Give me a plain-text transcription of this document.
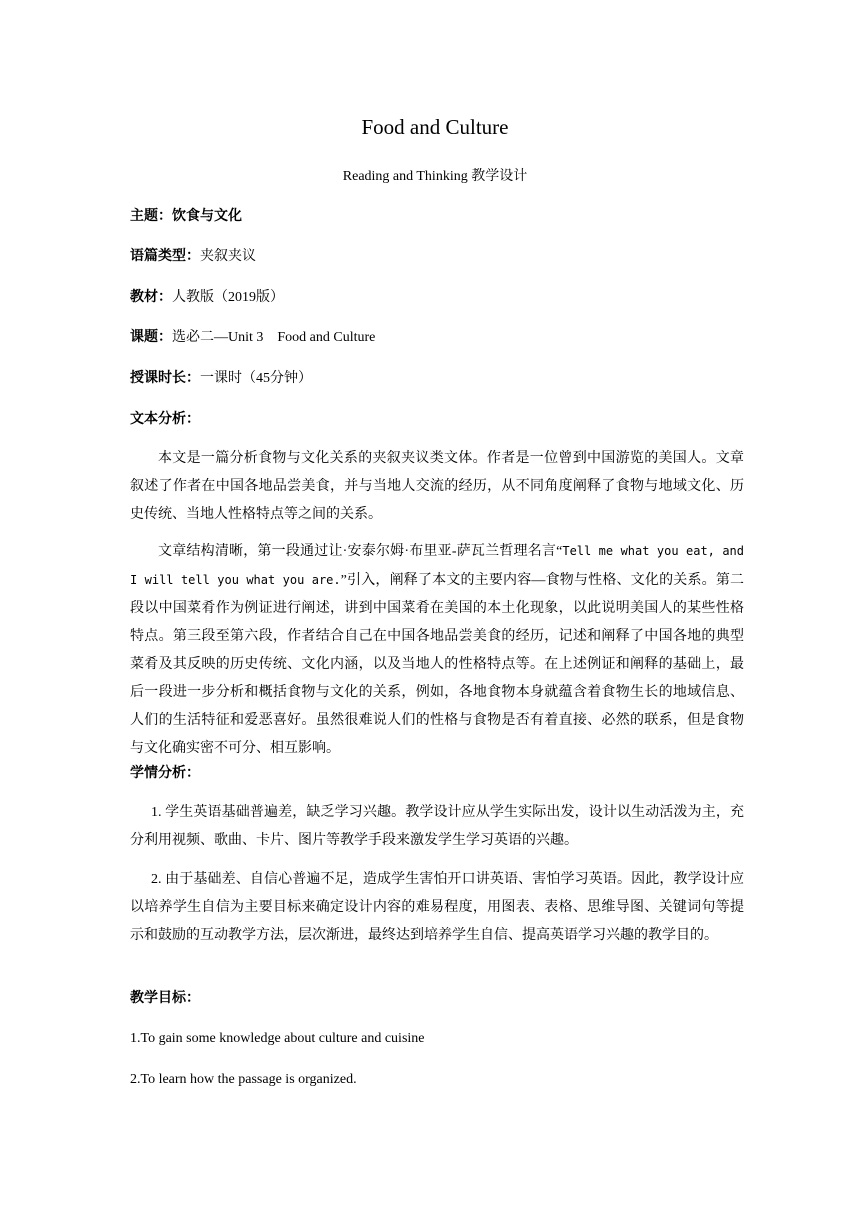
Food and Culture
Reading and Thinking 教学设计
主题：饮食与文化
语篇类型：夹叙夹议
教材：人教版（2019版）
课题：选必二—Unit 3    Food and Culture
授课时长：一课时（45分钟）
文本分析：
本文是一篇分析食物与文化关系的夹叙夹议类文体。作者是一位曾到中国游览的美国人。文章叙述了作者在中国各地品尝美食，并与当地人交流的经历，从不同角度阐释了食物与地域文化、历史传统、当地人性格特点等之间的关系。
文章结构清晰，第一段通过让·安泰尔姆·布里亚-萨瓦兰哲理名言“Tell me what you eat, and I will tell you what you are.”引入，阐释了本文的主要内容—食物与性格、文化的关系。第二段以中国菜肴作为例证进行阐述，讲到中国菜肴在美国的本土化现象，以此说明美国人的某些性格特点。第三段至第六段，作者结合自己在中国各地品尝美食的经历，记述和阐释了中国各地的典型菜肴及其反映的历史传统、文化内涵，以及当地人的性格特点等。在上述例证和阐释的基础上，最后一段进一步分析和概括食物与文化的关系，例如，各地食物本身就蕴含着食物生长的地域信息、人们的生活特征和爱恶喜好。虽然很难说人们的性格与食物是否有着直接、必然的联系，但是食物与文化确实密不可分、相互影响。
学情分析：
1. 学生英语基础普遍差，缺乏学习兴趣。教学设计应从学生实际出发，设计以生动活泼为主，充分利用视频、歌曲、卡片、图片等教学手段来激发学生学习英语的兴趣。
2. 由于基础差、自信心普遍不足，造成学生害怕开口讲英语、害怕学习英语。因此，教学设计应以培养学生自信为主要目标来确定设计内容的难易程度，用图表、表格、思维导图、关键词句等提示和鼓励的互动教学方法，层次渐进，最终达到培养学生自信、提高英语学习兴趣的教学目的。
教学目标：
1.To gain some knowledge about culture and cuisine
2.To learn how the passage is organized.
